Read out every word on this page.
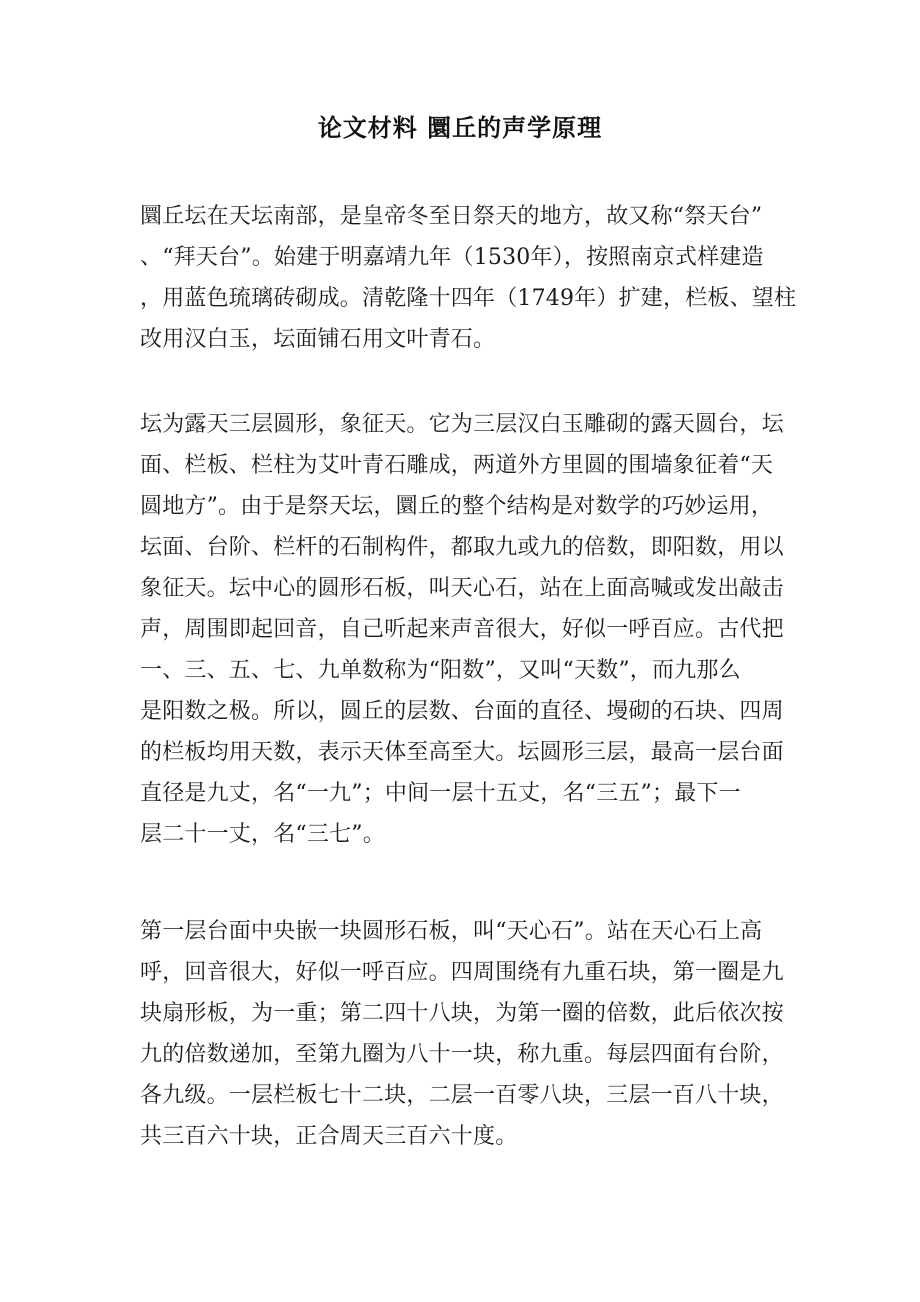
论文材料 圜丘的声学原理
圜丘坛在天坛南部，是皇帝冬至日祭天的地方，故又称“祭天台”
、“拜天台”。始建于明嘉靖九年（1530年），按照南京式样建造
，用蓝色琉璃砖砌成。清乾隆十四年（1749年）扩建，栏板、望柱
改用汉白玉，坛面铺石用文叶青石。
坛为露天三层圆形，象征天。它为三层汉白玉雕砌的露天圆台，坛
面、栏板、栏柱为艾叶青石雕成，两道外方里圆的围墙象征着“天
圆地方”。由于是祭天坛，圜丘的整个结构是对数学的巧妙运用，
坛面、台阶、栏杆的石制构件，都取九或九的倍数，即阳数，用以
象征天。坛中心的圆形石板，叫天心石，站在上面高喊或发出敲击
声，周围即起回音，自己听起来声音很大，好似一呼百应。古代把
一、三、五、七、九单数称为“阳数”，又叫“天数”，而九那么
是阳数之极。所以，圆丘的层数、台面的直径、墁砌的石块、四周
的栏板均用天数，表示天体至高至大。坛圆形三层，最高一层台面
直径是九丈，名“一九”；中间一层十五丈，名“三五”；最下一
层二十一丈，名“三七”。
第一层台面中央嵌一块圆形石板，叫“天心石”。站在天心石上高
呼，回音很大，好似一呼百应。四周围绕有九重石块，第一圈是九
块扇形板，为一重；第二四十八块，为第一圈的倍数，此后依次按
九的倍数递加，至第九圈为八十一块，称九重。每层四面有台阶，
各九级。一层栏板七十二块，二层一百零八块，三层一百八十块，
共三百六十块，正合周天三百六十度。
